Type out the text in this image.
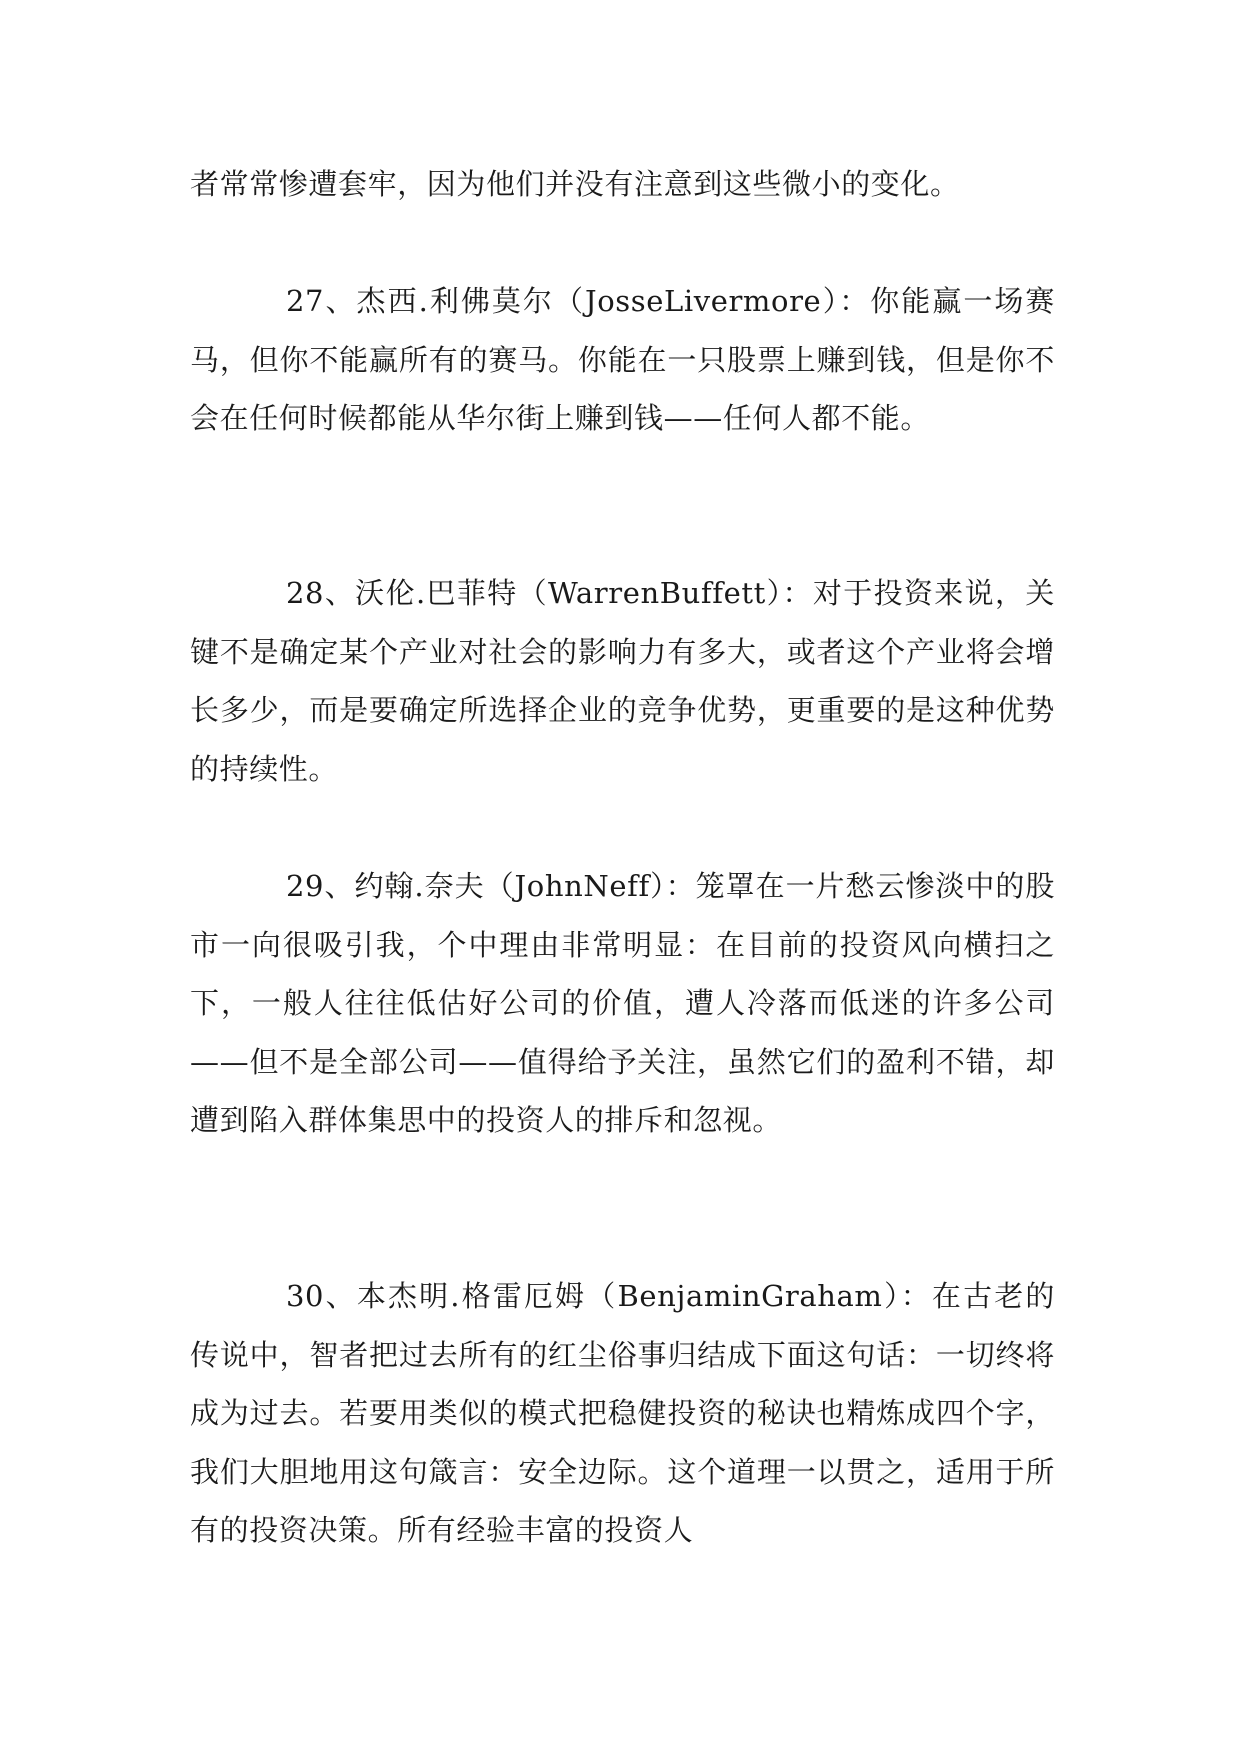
者常常惨遭套牢，因为他们并没有注意到这些微小的变化。

27、杰西.利佛莫尔（JosseLivermore）：你能赢一场赛马，但你不能赢所有的赛马。你能在一只股票上赚到钱，但是你不会在任何时候都能从华尔街上赚到钱——任何人都不能。

28、沃伦.巴菲特（WarrenBuffett）：对于投资来说，关键不是确定某个产业对社会的影响力有多大，或者这个产业将会增长多少，而是要确定所选择企业的竞争优势，更重要的是这种优势的持续性。

29、约翰.奈夫（JohnNeff）：笼罩在一片愁云惨淡中的股市一向很吸引我，个中理由非常明显：在目前的投资风向横扫之下，一般人往往低估好公司的价值，遭人冷落而低迷的许多公司——但不是全部公司——值得给予关注，虽然它们的盈利不错，却遭到陷入群体集思中的投资人的排斥和忽视。

30、本杰明.格雷厄姆（BenjaminGraham）：在古老的传说中，智者把过去所有的红尘俗事归结成下面这句话：一切终将成为过去。若要用类似的模式把稳健投资的秘诀也精炼成四个字，我们大胆地用这句箴言：安全边际。这个道理一以贯之，适用于所有的投资决策。所有经验丰富的投资人
